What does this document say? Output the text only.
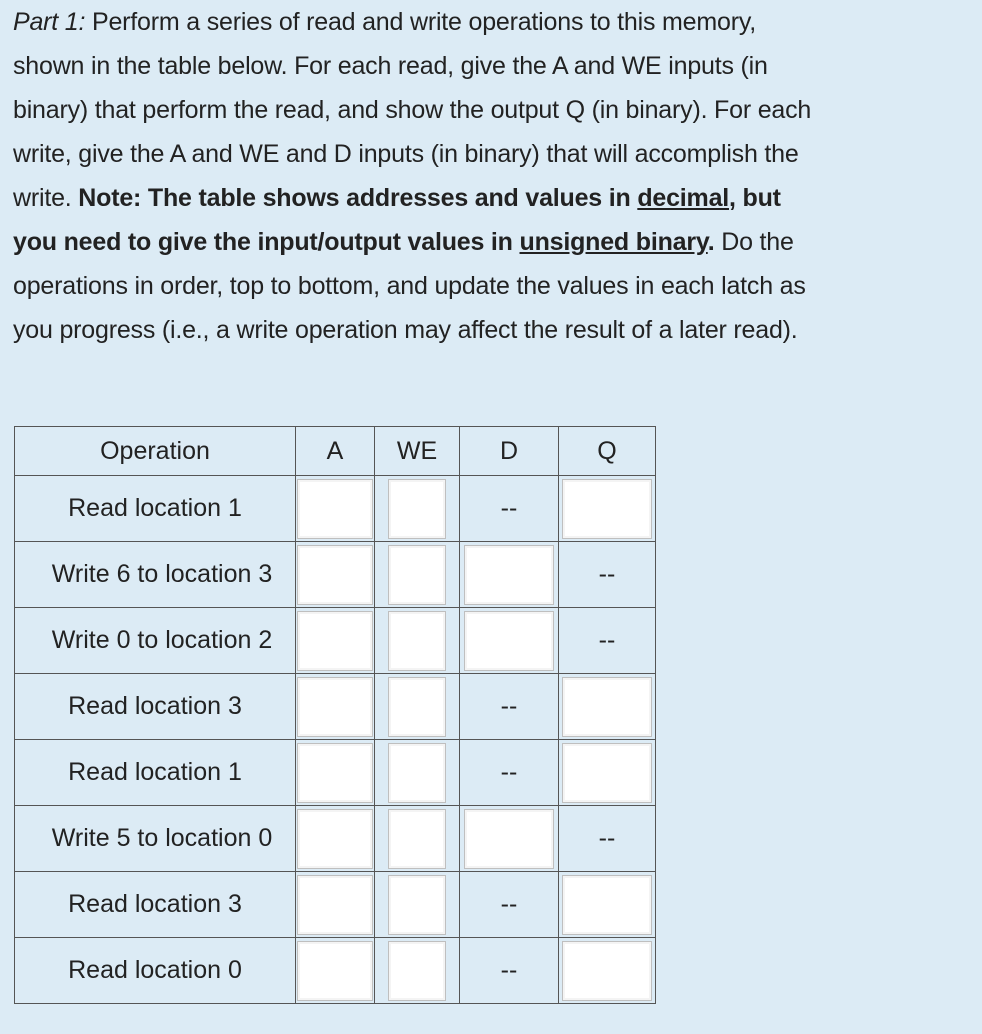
Part 1: Perform a series of read and write operations to this memory,

shown in the table below. For each read, give the A and WE inputs (in

binary) that perform the read, and show the output Q (in binary). For each

write, give the A and WE and D inputs (in binary) that will accomplish the

write. Note: The table shows addresses and values in decimal, but

you need to give the input/output values in unsigned binary. Do the

operations in order, top to bottom, and update the values in each latch as

you progress (i.e., a write operation may affect the result of a later read).

Operation	A	WE	D	Q
Read location 1			--	

Write 6 to location 3				--
Write 0 to location 2				--
Read location 3			--	

Read location 1			--	

Write 5 to location 0				--
Read location 3			--	

Read location 0			--	
